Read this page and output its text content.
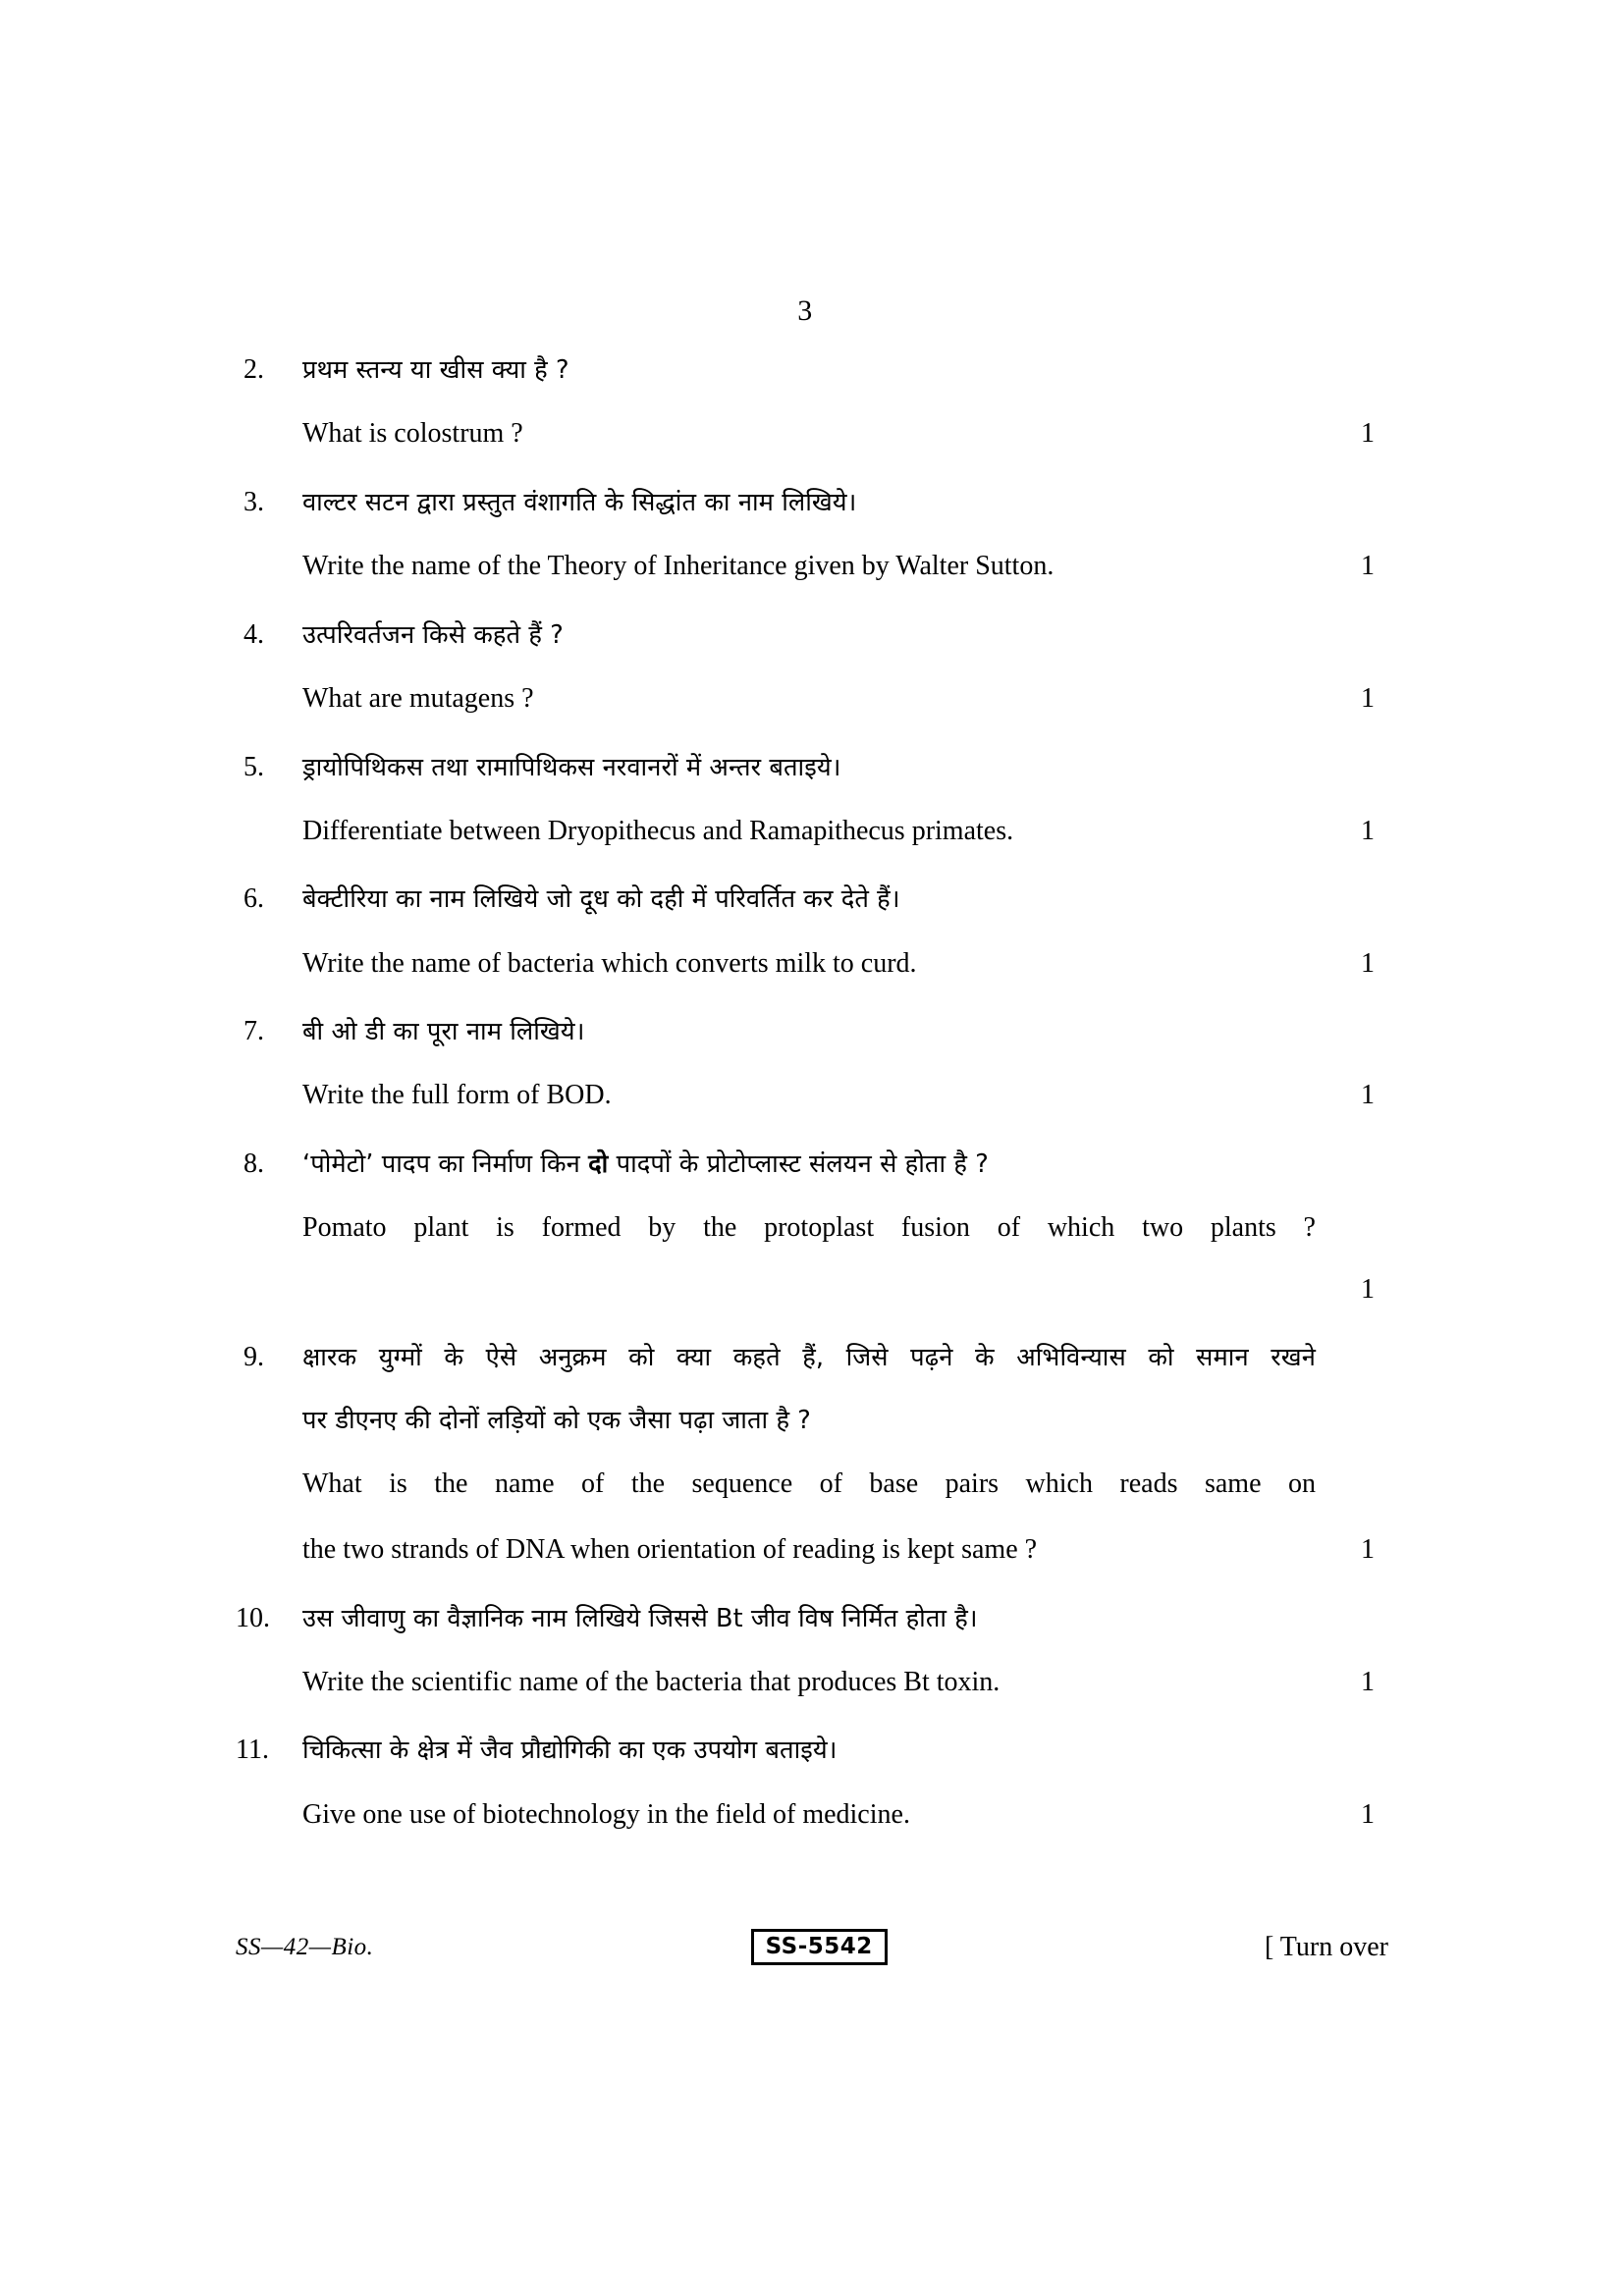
3
2.	प्रथम स्तन्य या खीस क्या है ?
What is colostrum ?	1
3.	वाल्टर सटन द्वारा प्रस्तुत वंशागति के सिद्धांत का नाम लिखिये।
Write the name of the Theory of Inheritance given by Walter Sutton.	1
4.	उत्परिवर्तजन किसे कहते हैं ?
What are mutagens ?	1
5.	ड्रायोपिथिकस तथा रामापिथिकस नरवानरों में अन्तर बताइये।
Differentiate between Dryopithecus and Ramapithecus primates.	1
6.	बेक्टीरिया का नाम लिखिये जो दूध को दही में परिवर्तित कर देते हैं।
Write the name of bacteria which converts milk to curd.	1
7.	बी ओ डी का पूरा नाम लिखिये।
Write the full form of BOD.	1
8.	‘पोमेटो’ पादप का निर्माण किन दो पादपों के प्रोटोप्लास्ट संलयन से होता है ?
Pomato plant is formed by the protoplast fusion of which two plants ?
1
9.	क्षारक युग्मों के ऐसे अनुक्रम को क्या कहते हैं, जिसे पढ़ने के अभिविन्यास को समान रखने
पर डीएनए की दोनों लड़ियों को एक जैसा पढ़ा जाता है ?
What is the name of the sequence of base pairs which reads same on
the two strands of DNA when orientation of reading is kept same ?	1
10.	उस जीवाणु का वैज्ञानिक नाम लिखिये जिससे Bt जीव विष निर्मित होता है।
Write the scientific name of the bacteria that produces Bt toxin.	1
11.	चिकित्सा के क्षेत्र में जैव प्रौद्योगिकी का एक उपयोग बताइये।
Give one use of biotechnology in the field of medicine.	1
SS—42—Bio.	SS-5542	[ Turn over
